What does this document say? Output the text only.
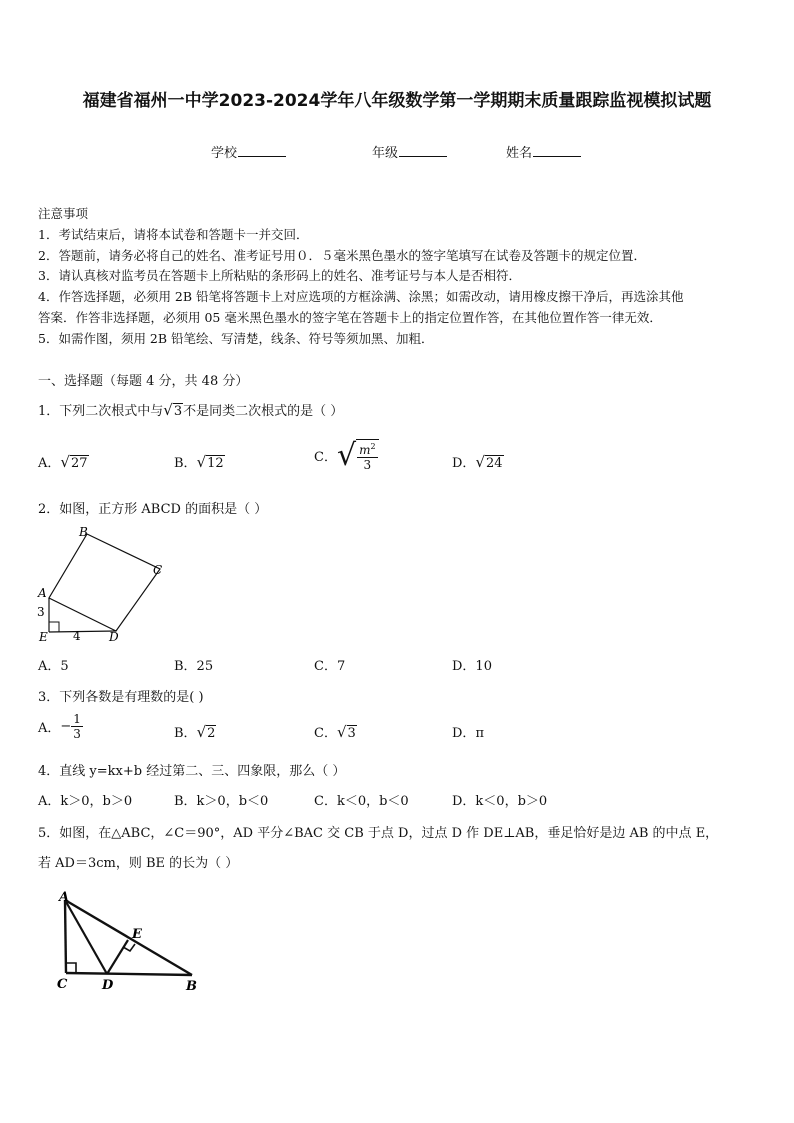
福建省福州一中学2023-2024学年八年级数学第一学期期末质量跟踪监视模拟试题
学校	年级	姓名
注意事项
1．考试结束后，请将本试卷和答题卡一并交回．
2．答题前，请务必将自己的姓名、准考证号用０．５毫米黑色墨水的签字笔填写在试卷及答题卡的规定位置．
3．请认真核对监考员在答题卡上所粘贴的条形码上的姓名、准考证号与本人是否相符．
4．作答选择题，必须用 2B 铅笔将答题卡上对应选项的方框涂满、涂黑；如需改动，请用橡皮擦干净后，再选涂其他
答案．作答非选择题，必须用 05 毫米黑色墨水的签字笔在答题卡上的指定位置作答，在其他位置作答一律无效．
5．如需作图，须用 2B 铅笔绘、写清楚，线条、符号等须加黑、加粗．
一、选择题（每题 4 分，共 48 分）
1．下列二次根式中与√3不是同类二次根式的是（ ）
A．√27	B．√12	C．√ $\frac{m^2}{3}$	D．√24
2．如图，正方形 ABCD 的面积是（ ）
B
C
A
E	D
3
4
A．5	B．25	C．7	D．10
3．下列各数是有理数的是( )
A．− $\frac{1}{3}$	B．√2	C．√3	D．π
4．直线 y=kx+b 经过第二、三、四象限，那么（ ）
A．k＞0，b＞0	B．k＞0，b＜0	C．k＜0，b＜0	D．k＜0，b＞0
5．如图，在△ABC，∠C＝90°，AD 平分∠BAC 交 CB 于点 D，过点 D 作 DE⊥AB，垂足恰好是边 AB 的中点 E，
若 AD＝3cm，则 BE 的长为（ ）
A
E
C	D	B
